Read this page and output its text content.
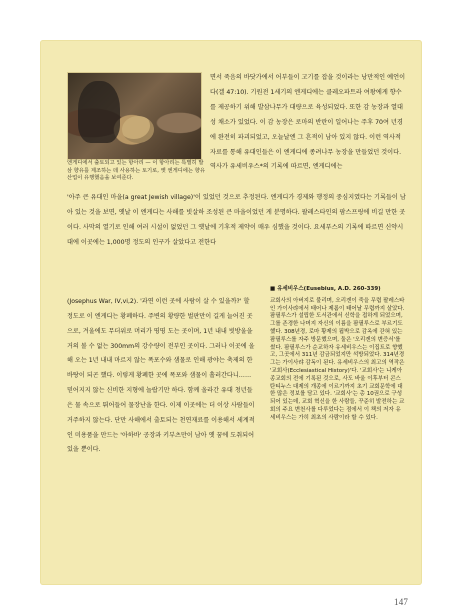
엔게디에서 출토되고 있는 항아리 — 이 항아리는 특별히 발삼 향유를 제조하는 데 사용하는 토기로, 옛 엔게디에는 향유산업이 유행했음을 보여준다.

면서 죽음의 바닷가에서 어부들이 고기를 잡을 것이라는 낭만적인 예언이다(겔 47:10). 기원전 1세기의 엔게디에는 클레오파트라 여왕에게 향수를 제공하기 위해 발삼나무가 대량으로 육성되었다. 또한 감 농장과 열대성 채소가 있었다. 이 감 농장은 로마의 반란이 일어나는 주후 70여 년경에 완전히 파괴되었고, 오늘날엔 그 흔적이 남아 있지 않다. 이런 역사적 자료를 통해 유대인들은 이 엔게디에 종려나무 농장을 만들었던 것이다. 역사가 유세비우스*의 기록에 따르면, 엔게디에는

'아주 큰 유대인 마을(a great Jewish village)'이 있었던 것으로 추정된다. 엔게디가 경제와 행정의 중심지였다는 기록들이 남아 있는 것을 보면, 옛날 이 엔게디는 사해를 빗살하 조성된 큰 마을이었던 게 분명하다. 팔레스타인의 팜스프링에 비길 만한 곳이다. 사막의 열기로 인해 여러 시설이 없었던 그 옛날에 기후적 제약이 매우 심했을 것이다. 요세푸스의 기록에 따르면 신약시대에 이곳에는 1,000명 정도의 인구가 살았다고 전한다

(Josephus War, IV,vi,2). '과연 이런 곳에 사람이 살 수 있을까?' 할 정도로 이 엔게디는 황폐하다. 주변의 황량한 벌판만이 길게 늘어진 곳으로, 겨울에도 무더위로 머리가 띵띵 도는 곳이며, 1년 내내 빗방울을 거의 볼 수 없는 300mm의 강수량이 전부인 곳이다. 그러나 이곳에 올해 오는 1년 내내 마르지 않는 폭포수와 샘물로 인해 광야는 축제의 한바탕이 되곤 했다. 이렇게 황폐한 곳에 폭포와 샘물이 흘러간다니……믿어지지 않는 신비한 지형에 놀랍기만 하다. 함께 올라간 유대 청년들은 물 속으로 뛰어들어 물장난을 한다. 이제 이곳에는 더 이상 사람들이 거주하지 않는다. 단만 사해에서 출토되는 천연재료를 이용해서 세계적인 미용품을 만드는 '아하바' 공장과 키부츠만이 남아 옛 꿈에 도취되어 있을 뿐이다.

■ 유세비우스(Eusebius, A.D. 260-339)

교회사의 아버지로 불리며, 오리겐이 죽을 무렵 팔레스타인 가이사랴에서 태어나 제롬이 태어날 무렵까지 살았다. 팜필루스가 설립한 도서관에서 신학을 접하게 되었으며, 그를 존경한 나머지 자신의 이름을 팜필루스로 부르기도 했다. 308년경, 로마 황제의 핍박으로 감옥에 갇혀 있는 팜필루스를 자주 방문했으며, 둘은 '오리겐의 변증서'를 썼다. 팜필루스가 순교하자 유세비우스는 이집트로 향했고, 그곳에서 311년 감금되었지만 석방되었다. 314년경 그는 가이사랴 감독이 된다. 유세비우스의 최고의 역작은 '교회사(Ecclesiastical History)'다. '교회사'는 니케아 종교회의 전에 기록된 것으로, 사도 바울 이후부터 콘스탄티누스 대제의 개종에 이르기까지 초기 교회문학에 대한 많은 정보를 담고 있다. '교회사'는 총 10권으로 구성되어 있는데, 교회 혁신을 한 사람들, 꾸준히 발전하는 교회의 주요 변천사를 다루었다는 점에서 이 책의 저자 유세비우스는 가히 최초의 사람이라 할 수 있다.

147
